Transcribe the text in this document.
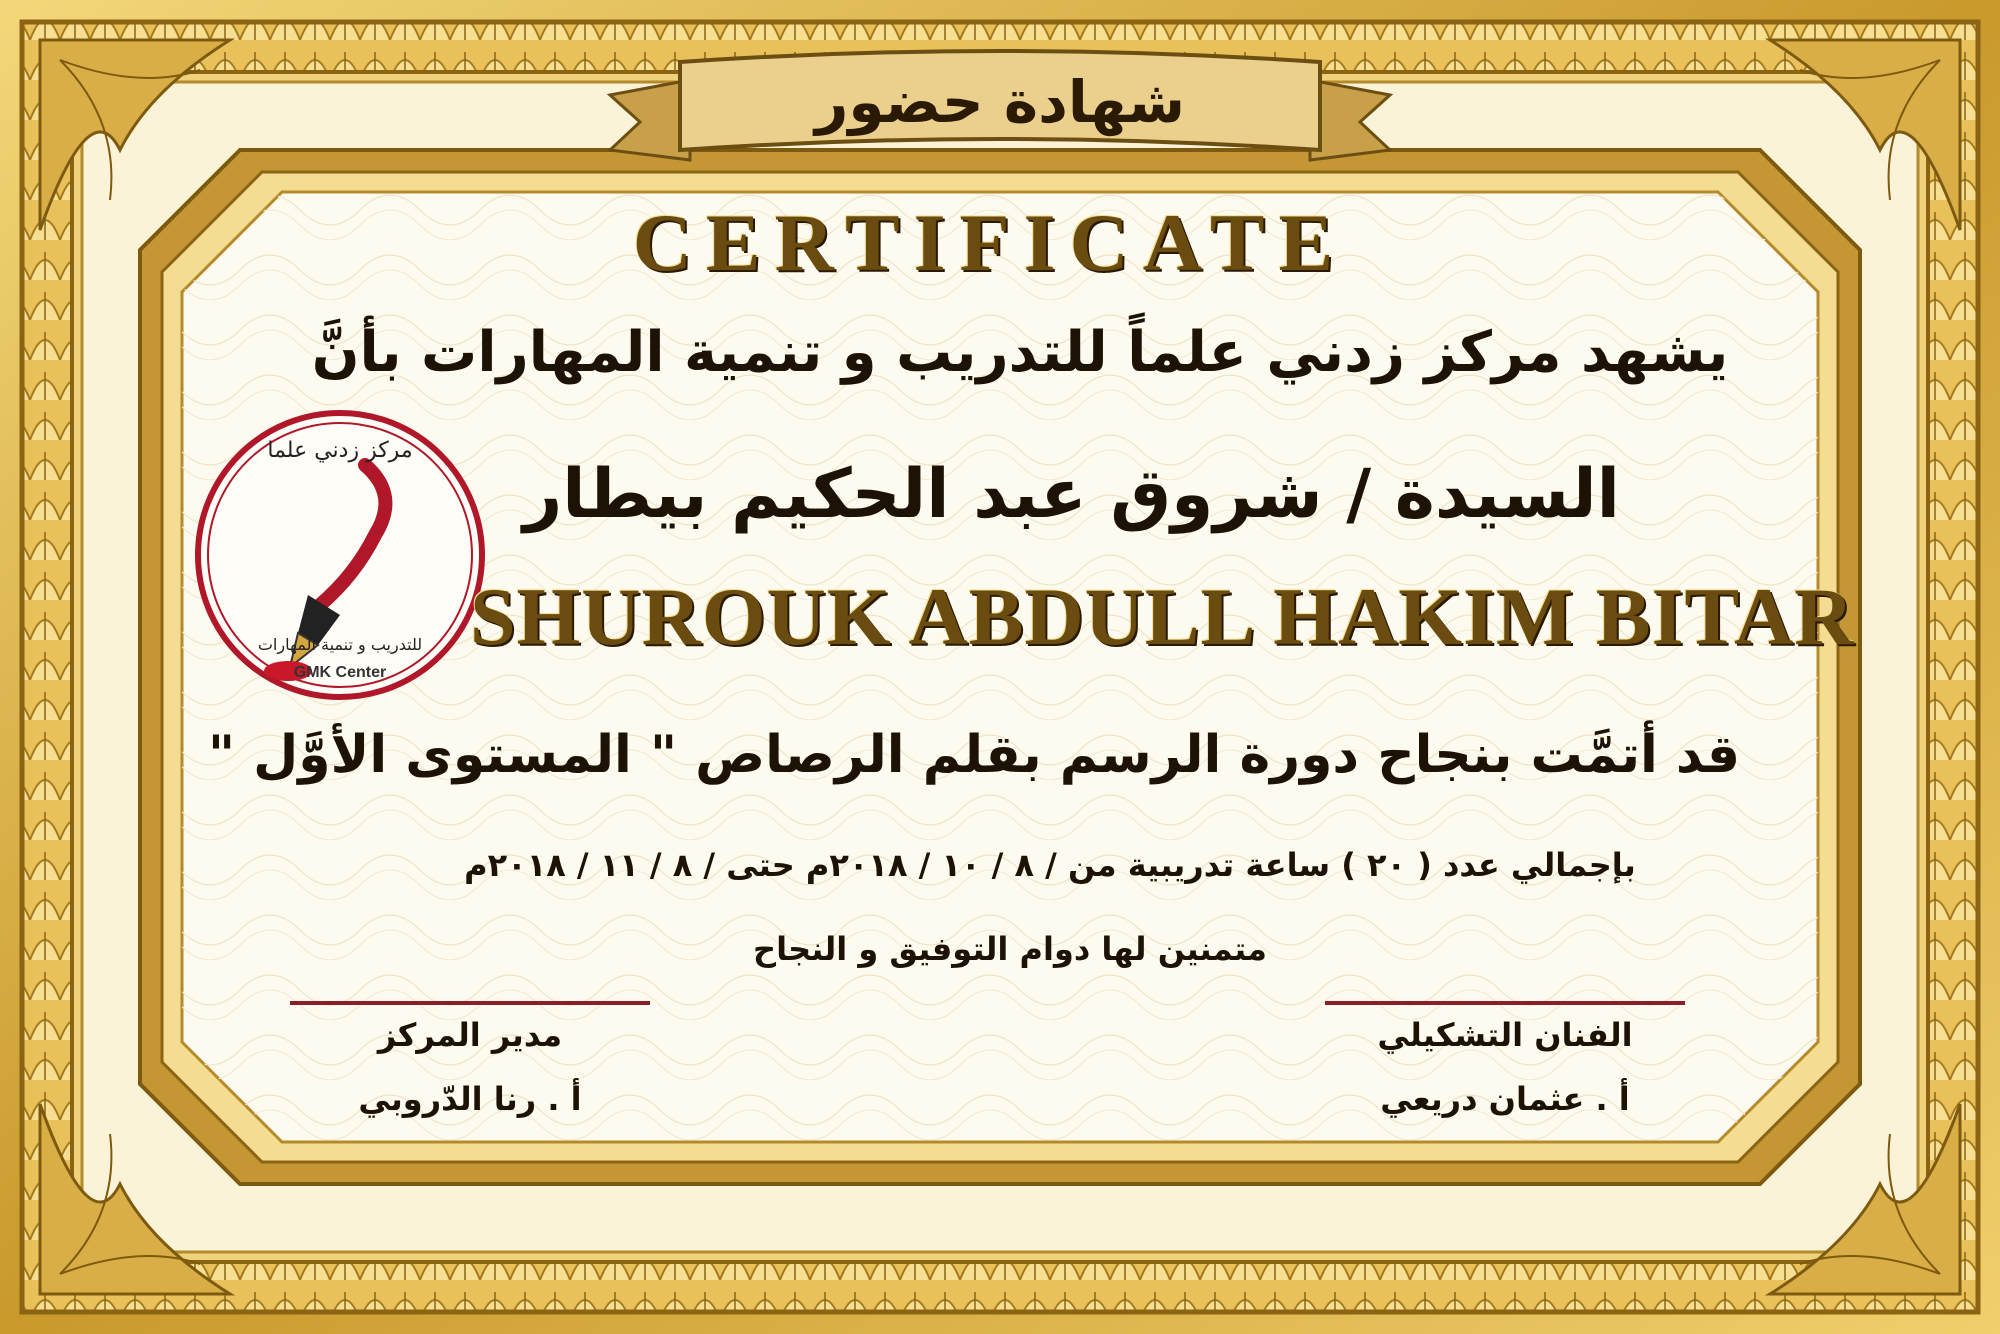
GMK Center
مركز زدني علما
للتدريب و تنمية المهارات
شهادة حضور
CERTIFICATE
يشهد مركز زدني علماً للتدريب و تنمية المهارات بأنَّ
السيدة / شروق عبد الحكيم بيطار
SHUROUK ABDULL HAKIM BITAR
قد أتمَّت بنجاح دورة الرسم بقلم الرصاص " المستوى الأوَّل "
بإجمالي عدد ( ٢٠ ) ساعة تدريبية من / ٨ / ١٠ / ٢٠١٨م حتى / ٨ / ١١ / ٢٠١٨م
متمنين لها دوام التوفيق و النجاح
مدير المركز
أ . رنا الدّروبي
الفنان التشكيلي
أ . عثمان دريعي
